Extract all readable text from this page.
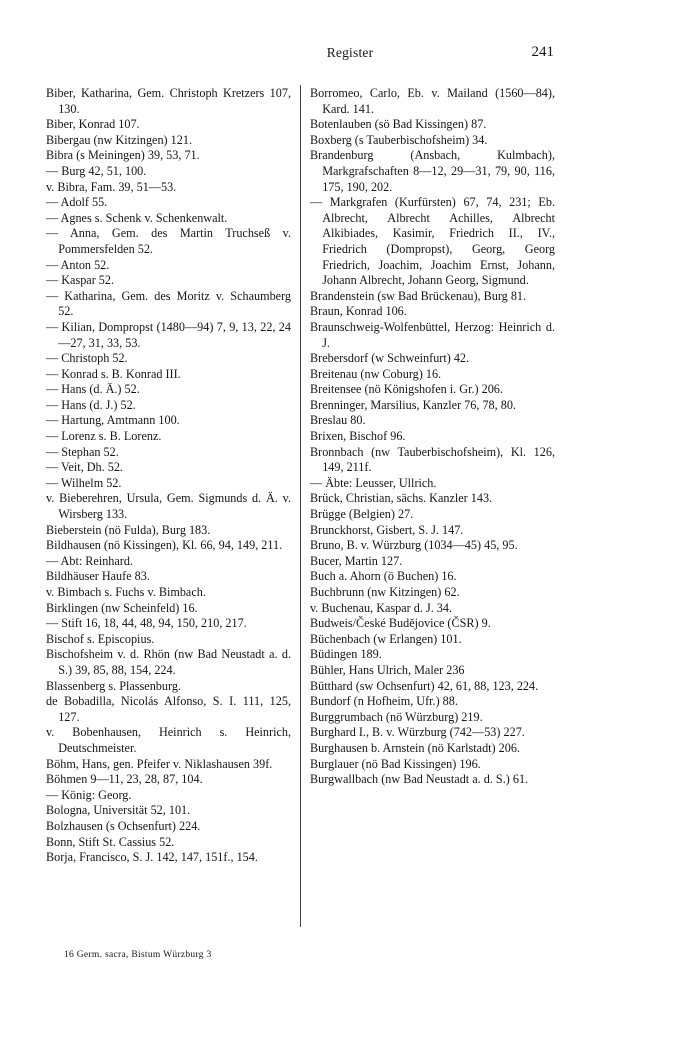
Register	241

Biber, Katharina, Gem. Christoph Kretzers 107, 130.

Biber, Konrad 107.

Bibergau (nw Kitzingen) 121.

Bibra (s Meiningen) 39, 53, 71.

— Burg 42, 51, 100.

v. Bibra, Fam. 39, 51—53.

— Adolf 55.

— Agnes s. Schenk v. Schenkenwalt.

— Anna, Gem. des Martin Truchseß v. Pommersfelden 52.

— Anton 52.

— Kaspar 52.

— Katharina, Gem. des Moritz v. Schaumberg 52.

— Kilian, Dompropst (1480—94) 7, 9, 13, 22, 24—27, 31, 33, 53.

— Christoph 52.

— Konrad s. B. Konrad III.

— Hans (d. Ä.) 52.

— Hans (d. J.) 52.

— Hartung, Amtmann 100.

— Lorenz s. B. Lorenz.

— Stephan 52.

— Veit, Dh. 52.

— Wilhelm 52.

v. Bieberehren, Ursula, Gem. Sigmunds d. Ä. v. Wirsberg 133.

Bieberstein (nö Fulda), Burg 183.

Bildhausen (nö Kissingen), Kl. 66, 94, 149, 211.

— Abt: Reinhard.

Bildhäuser Haufe 83.

v. Bimbach s. Fuchs v. Bimbach.

Birklingen (nw Scheinfeld) 16.

— Stift 16, 18, 44, 48, 94, 150, 210, 217.

Bischof s. Episcopius.

Bischofsheim v. d. Rhön (nw Bad Neustadt a. d. S.) 39, 85, 88, 154, 224.

Blassenberg s. Plassenburg.

de Bobadilla, Nicolás Alfonso, S. I. 111, 125, 127.

v. Bobenhausen, Heinrich s. Heinrich, Deutschmeister.

Böhm, Hans, gen. Pfeifer v. Niklashausen 39f.

Böhmen 9—11, 23, 28, 87, 104.

— König: Georg.

Bologna, Universität 52, 101.

Bolzhausen (s Ochsenfurt) 224.

Bonn, Stift St. Cassius 52.

Borja, Francisco, S. J. 142, 147, 151f., 154.

Borromeo, Carlo, Eb. v. Mailand (1560—84), Kard. 141.

Botenlauben (sö Bad Kissingen) 87.

Boxberg (s Tauberbischofsheim) 34.

Brandenburg (Ansbach, Kulmbach), Markgrafschaften 8—12, 29—31, 79, 90, 116, 175, 190, 202.

— Markgrafen (Kurfürsten) 67, 74, 231; Eb. Albrecht, Albrecht Achilles, Albrecht Alkibiades, Kasimir, Friedrich II., IV., Friedrich (Dompropst), Georg, Georg Friedrich, Joachim, Joachim Ernst, Johann, Johann Albrecht, Johann Georg, Sigmund.

Brandenstein (sw Bad Brückenau), Burg 81.

Braun, Konrad 106.

Braunschweig-Wolfenbüttel, Herzog: Heinrich d. J.

Brebersdorf (w Schweinfurt) 42.

Breitenau (nw Coburg) 16.

Breitensee (nö Königshofen i. Gr.) 206.

Brenninger, Marsilius, Kanzler 76, 78, 80.

Breslau 80.

Brixen, Bischof 96.

Bronnbach (nw Tauberbischofsheim), Kl. 126, 149, 211f.

— Äbte: Leusser, Ullrich.

Brück, Christian, sächs. Kanzler 143.

Brügge (Belgien) 27.

Brunckhorst, Gisbert, S. J. 147.

Bruno, B. v. Würzburg (1034—45) 45, 95.

Bucer, Martin 127.

Buch a. Ahorn (ö Buchen) 16.

Buchbrunn (nw Kitzingen) 62.

v. Buchenau, Kaspar d. J. 34.

Budweis/České Budějovice (ČSR) 9.

Büchenbach (w Erlangen) 101.

Büdingen 189.

Bühler, Hans Ulrich, Maler 236

Bütthard (sw Ochsenfurt) 42, 61, 88, 123, 224.

Bundorf (n Hofheim, Ufr.) 88.

Burggrumbach (nö Würzburg) 219.

Burghard I., B. v. Würzburg (742—53) 227.

Burghausen b. Arnstein (nö Karlstadt) 206.

Burglauer (nö Bad Kissingen) 196.

Burgwallbach (nw Bad Neustadt a. d. S.) 61.

16 Germ. sacra, Bistum Würzburg 3
